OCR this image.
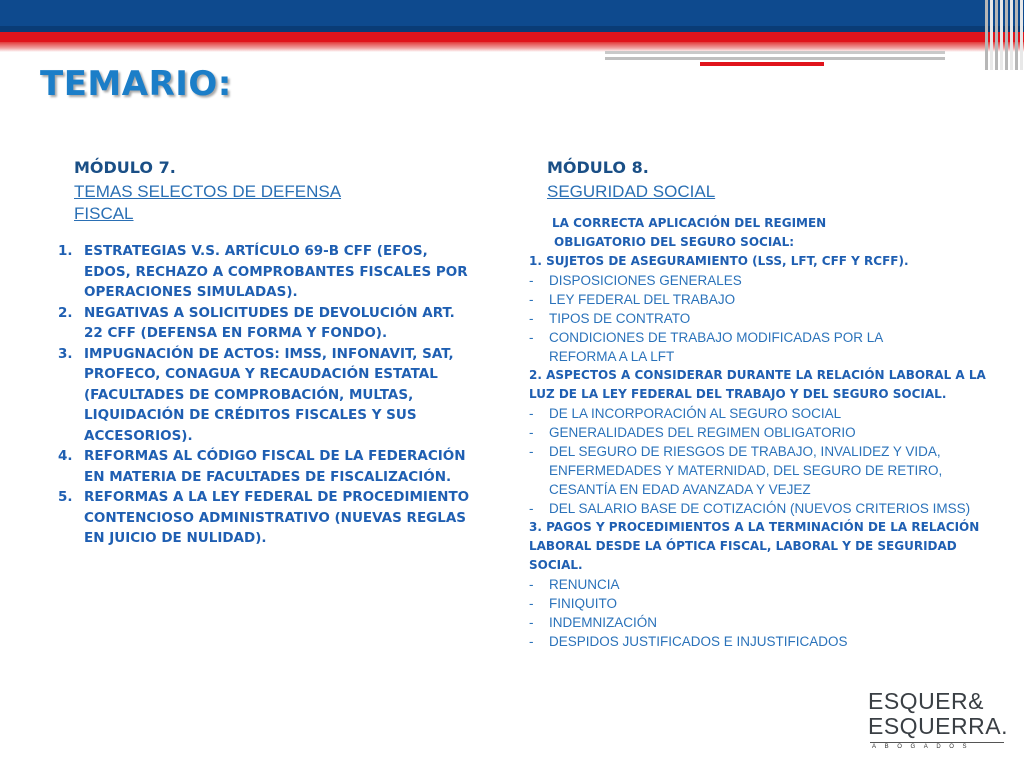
TEMARIO:
MÓDULO 7.
TEMAS SELECTOS DE DEFENSA
FISCAL
1. ESTRATEGIAS V.S. ARTÍCULO 69-B CFF (EFOS, EDOS, RECHAZO A COMPROBANTES FISCALES POR OPERACIONES SIMULADAS).
2. NEGATIVAS A SOLICITUDES DE DEVOLUCIÓN ART. 22 CFF (DEFENSA EN FORMA Y FONDO).
3. IMPUGNACIÓN DE ACTOS: IMSS, INFONAVIT, SAT, PROFECO, CONAGUA Y RECAUDACIÓN ESTATAL (FACULTADES DE COMPROBACIÓN, MULTAS, LIQUIDACIÓN DE CRÉDITOS FISCALES Y SUS ACCESORIOS).
4. REFORMAS AL CÓDIGO FISCAL DE LA FEDERACIÓN EN MATERIA DE FACULTADES DE FISCALIZACIÓN.
5. REFORMAS A LA LEY FEDERAL DE PROCEDIMIENTO CONTENCIOSO ADMINISTRATIVO (NUEVAS REGLAS EN JUICIO DE NULIDAD).
MÓDULO 8.
SEGURIDAD SOCIAL
LA CORRECTA APLICACIÓN DEL REGIMEN
OBLIGATORIO DEL SEGURO SOCIAL:
1. SUJETOS DE ASEGURAMIENTO (LSS, LFT, CFF Y RCFF).
- DISPOSICIONES GENERALES
- LEY FEDERAL DEL TRABAJO
- TIPOS DE CONTRATO
- CONDICIONES DE TRABAJO MODIFICADAS POR LA REFORMA A LA LFT
2. ASPECTOS A CONSIDERAR DURANTE LA RELACIÓN LABORAL A LA LUZ DE LA LEY FEDERAL DEL TRABAJO Y DEL SEGURO SOCIAL.
- DE LA INCORPORACIÓN AL SEGURO SOCIAL
- GENERALIDADES DEL REGIMEN OBLIGATORIO
- DEL SEGURO DE RIESGOS DE TRABAJO, INVALIDEZ Y VIDA, ENFERMEDADES Y MATERNIDAD, DEL SEGURO DE RETIRO, CESANTÍA EN EDAD AVANZADA Y VEJEZ
- DEL SALARIO BASE DE COTIZACIÓN (NUEVOS CRITERIOS IMSS)
3. PAGOS Y PROCEDIMIENTOS A LA TERMINACIÓN DE LA RELACIÓN LABORAL DESDE LA ÓPTICA FISCAL, LABORAL Y DE SEGURIDAD SOCIAL.
- RENUNCIA
- FINIQUITO
- INDEMNIZACIÓN
- DESPIDOS JUSTIFICADOS E INJUSTIFICADOS
ESQUER&
ESQUERRA.
ABOGADOS
